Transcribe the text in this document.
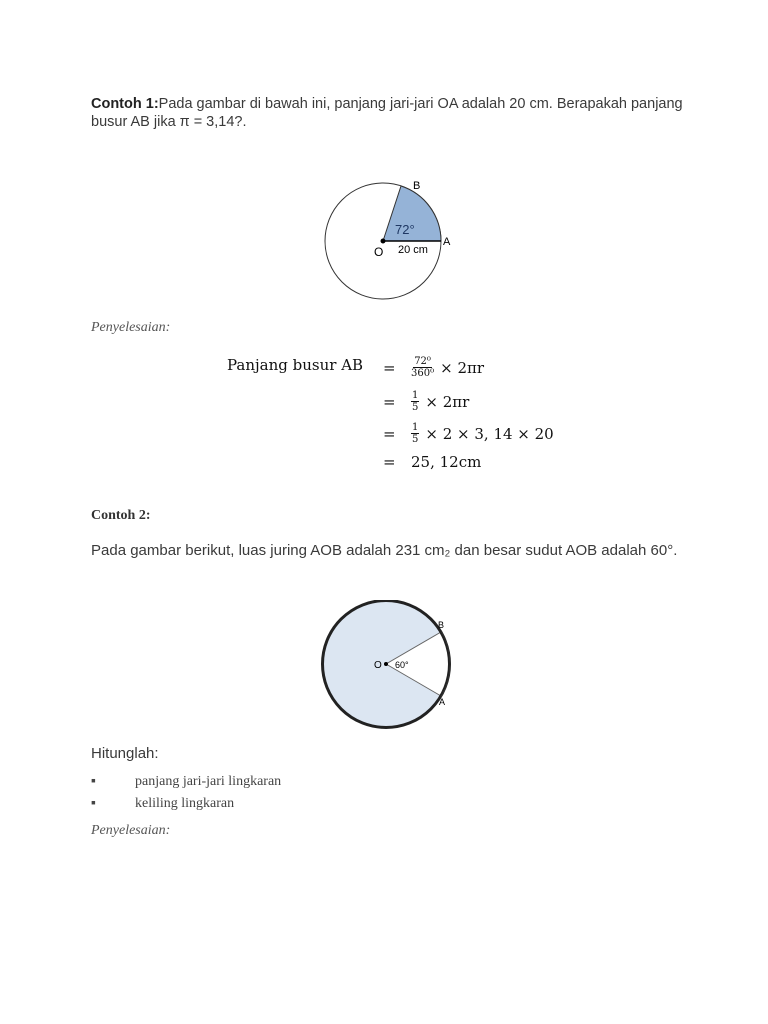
Contoh 1:Pada gambar di bawah ini, panjang jari-jari OA adalah 20 cm. Berapakah panjang busur AB jika π = 3,14?.
O
A
B
72°
20 cm
Penyelesaian:
Panjang busur AB	=	$\frac{\text{72⁰}}{\text{360⁰}} \times 2\pi r$
=	$\frac{1}{5} \times 2\pi r$
=	$\frac{1}{5} \times 2 \times 3$, 14 × 20
=	25, 12cm
Contoh 2:
Pada gambar berikut, luas juring AOB adalah 231 cm₂ dan besar sudut AOB adalah 60°.
O 60°
B
A
Hitunglah:
▪	panjang jari-jari lingkaran
▪	keliling lingkaran
Penyelesaian:
